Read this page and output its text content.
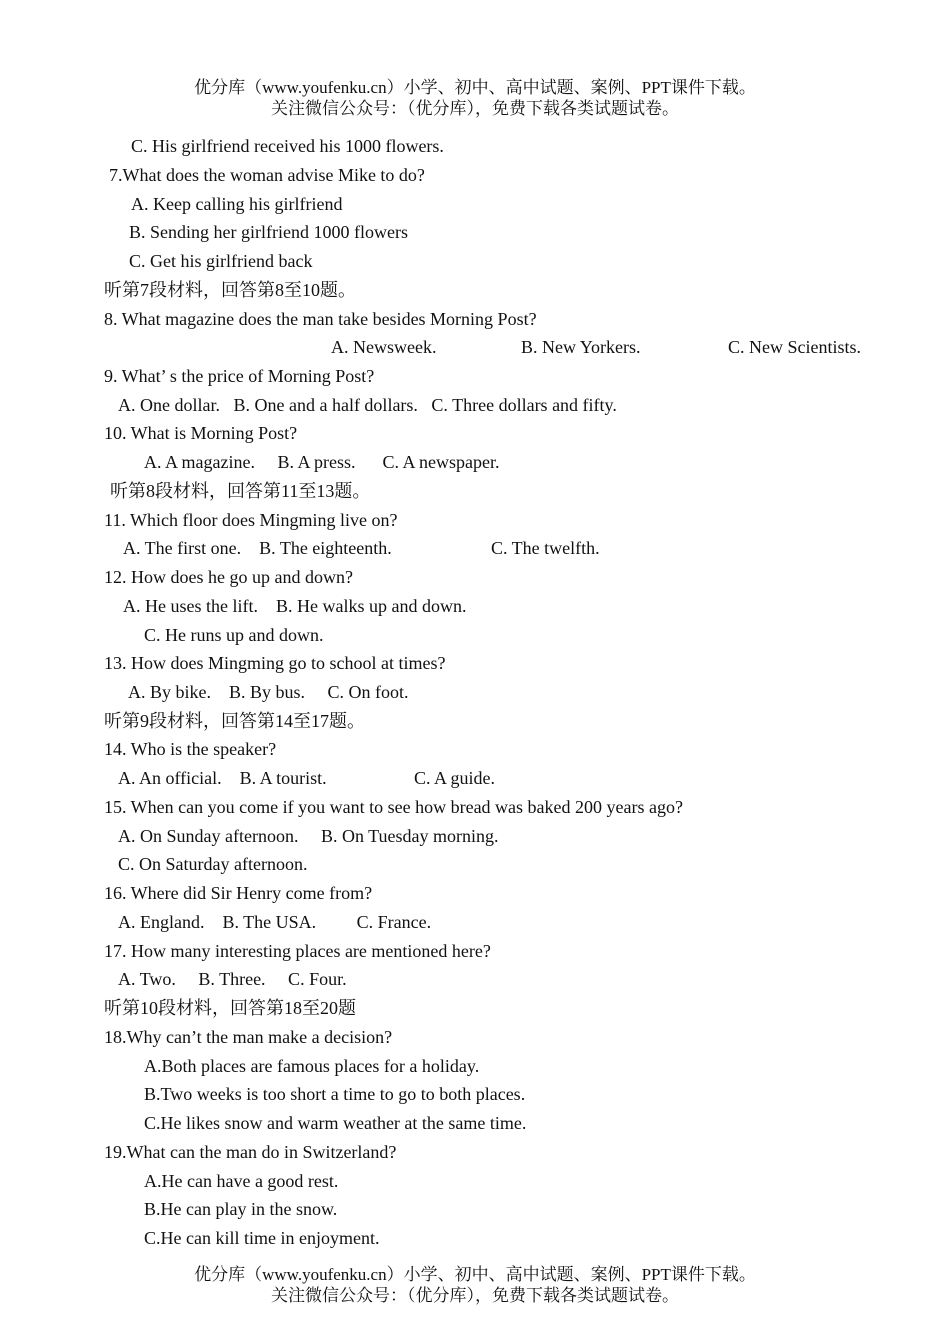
优分库（www.youfenku.cn）小学、初中、高中试题、案例、PPT课件下载。

关注微信公众号：（优分库），免费下载各类试题试卷。

C. His girlfriend received his 1000 flowers.

7.What does the woman advise Mike to do?

A. Keep calling his girlfriend

B. Sending her girlfriend 1000 flowers

C. Get his girlfriend back

听第7段材料，回答第8至10题。

8. What magazine does the man take besides Morning Post?

A. Newsweek.	B. New Yorkers.	C. New Scientists.

9. What’ s the price of Morning Post?

A. One dollar.   B. One and a half dollars.   C. Three dollars and fifty.

10. What is Morning Post?

A. A magazine.     B. A press.      C. A newspaper.

听第8段材料，回答第11至13题。

11. Which floor does Mingming live on?

A. The first one.    B. The eighteenth.	C. The twelfth.

12. How does he go up and down?

A. He uses the lift.    B. He walks up and down.

C. He runs up and down.

13. How does Mingming go to school at times?

A. By bike.    B. By bus.     C. On foot.

听第9段材料，回答第14至17题。

14. Who is the speaker?

A. An official.    B. A tourist.	C. A guide.

15. When can you come if you want to see how bread was baked 200 years ago?

A. On Sunday afternoon.     B. On Tuesday morning.

C. On Saturday afternoon.

16. Where did Sir Henry come from?

A. England.    B. The USA.         C. France.

17. How many interesting places are mentioned here?

A. Two.     B. Three.     C. Four.

听第10段材料，回答第18至20题

18.Why can’t the man make a decision?

A.Both places are famous places for a holiday.

B.Two weeks is too short a time to go to both places.

C.He likes snow and warm weather at the same time.

19.What can the man do in Switzerland?

A.He can have a good rest.

B.He can play in the snow.

C.He can kill time in enjoyment.

优分库（www.youfenku.cn）小学、初中、高中试题、案例、PPT课件下载。

关注微信公众号：（优分库），免费下载各类试题试卷。
